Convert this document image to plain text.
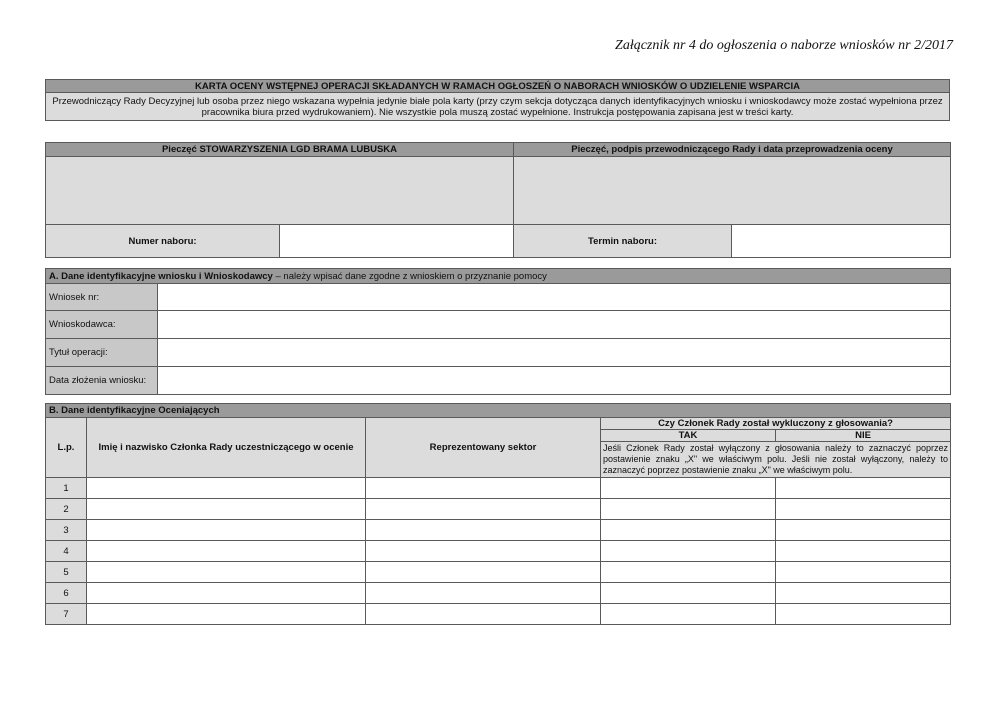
Załącznik nr 4 do ogłoszenia o naborze wniosków nr 2/2017
KARTA OCENY WSTĘPNEJ OPERACJI SKŁADANYCH W RAMACH OGŁOSZEŃ O NABORACH WNIOSKÓW O UDZIELENIE WSPARCIA
Przewodniczący Rady Decyzyjnej lub osoba przez niego wskazana wypełnia jedynie białe pola karty (przy czym sekcja dotycząca danych identyfikacyjnych wniosku i wnioskodawcy może zostać wypełniona przez pracownika biura przed wydrukowaniem). Nie wszystkie pola muszą zostać wypełnione. Instrukcja postępowania zapisana jest w treści karty.
Pieczęć STOWARZYSZENIA LGD BRAMA LUBUSKA		Pieczęć, podpis przewodniczącego Rady i data przeprowadzenia oceny	

Numer naboru:		Termin naboru:	
A. Dane identyfikacyjne wniosku i Wnioskodawcy – należy wpisać dane zgodne z wnioskiem o przyznanie pomocy	
Wniosek nr:	
Wnioskodawca:	
Tytuł operacji:	
Data złożenia wniosku:	
B. Dane identyfikacyjne Oceniających				
L.p.	Imię i nazwisko Członka Rady uczestniczącego w ocenie	Reprezentowany sektor	Czy Członek Rady został wykluczony z głosowania?	
			TAK	NIE
			Jeśli Członek Rady został wyłączony z głosowania należy to zaznaczyć poprzez postawienie znaku „X" we właściwym polu. Jeśli nie został wyłączony, należy to zaznaczyć poprzez postawienie znaku „X" we właściwym polu.	
1				
2				
3				
4				
5				
6				
7				
